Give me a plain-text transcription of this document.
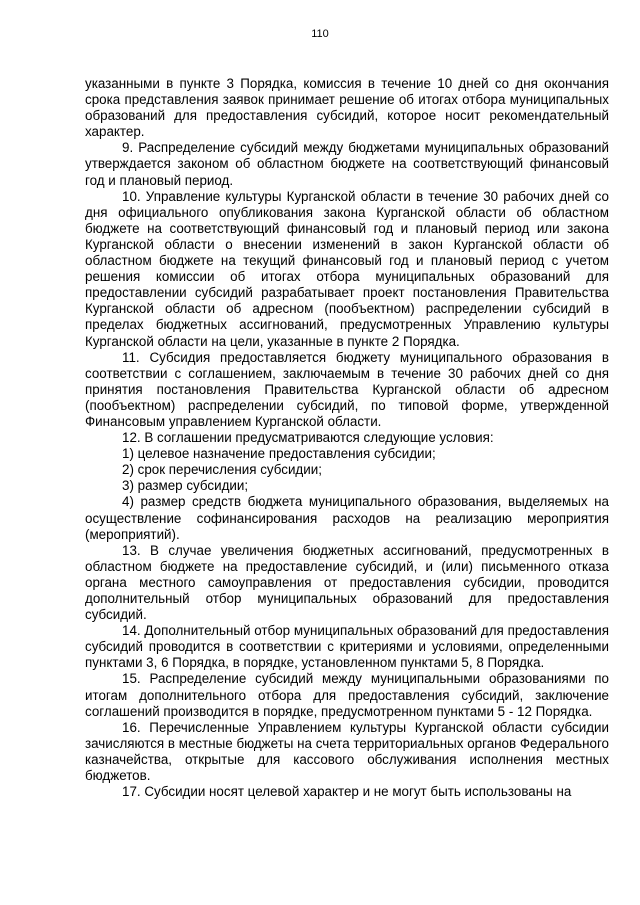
110

указанными в пункте 3 Порядка, комиссия в течение 10 дней со дня окончания срока представления заявок принимает решение об итогах отбора муниципальных образований для предоставления субсидий, которое носит рекомендательный характер.

9. Распределение субсидий между бюджетами муниципальных образований утверждается законом об областном бюджете на соответствующий финансовый год и плановый период.

10. Управление культуры Курганской области в течение 30 рабочих дней со дня официального опубликования закона Курганской области об областном бюджете на соответствующий финансовый год и плановый период или закона Курганской области о внесении изменений в закон Курганской области об областном бюджете на текущий финансовый год и плановый период с учетом решения комиссии об итогах отбора муниципальных образований для предоставлении субсидий разрабатывает проект постановления Правительства Курганской области об адресном (пообъектном) распределении субсидий в пределах бюджетных ассигнований, предусмотренных Управлению культуры Курганской области на цели, указанные в пункте 2 Порядка.

11. Субсидия предоставляется бюджету муниципального образования в соответствии с соглашением, заключаемым в течение 30 рабочих дней со дня принятия постановления Правительства Курганской области об адресном (пообъектном) распределении субсидий, по типовой форме, утвержденной Финансовым управлением Курганской области.

12. В соглашении предусматриваются следующие условия:

1) целевое назначение предоставления субсидии;

2) срок перечисления субсидии;

3) размер субсидии;

4) размер средств бюджета муниципального образования, выделяемых на осуществление софинансирования расходов на реализацию мероприятия (мероприятий).

13. В случае увеличения бюджетных ассигнований, предусмотренных в областном бюджете на предоставление субсидий, и (или) письменного отказа органа местного самоуправления от предоставления субсидии, проводится дополнительный отбор муниципальных образований для предоставления субсидий.

14. Дополнительный отбор муниципальных образований для предоставления субсидий проводится в соответствии с критериями и условиями, определенными пунктами 3, 6 Порядка, в порядке, установленном пунктами 5, 8 Порядка.

15. Распределение субсидий между муниципальными образованиями по итогам дополнительного отбора для предоставления субсидий, заключение соглашений производится в порядке, предусмотренном пунктами 5 - 12 Порядка.

16. Перечисленные Управлением культуры Курганской области субсидии зачисляются в местные бюджеты на счета территориальных органов Федерального казначейства, открытые для кассового обслуживания исполнения местных бюджетов.

17. Субсидии носят целевой характер и не могут быть использованы на
